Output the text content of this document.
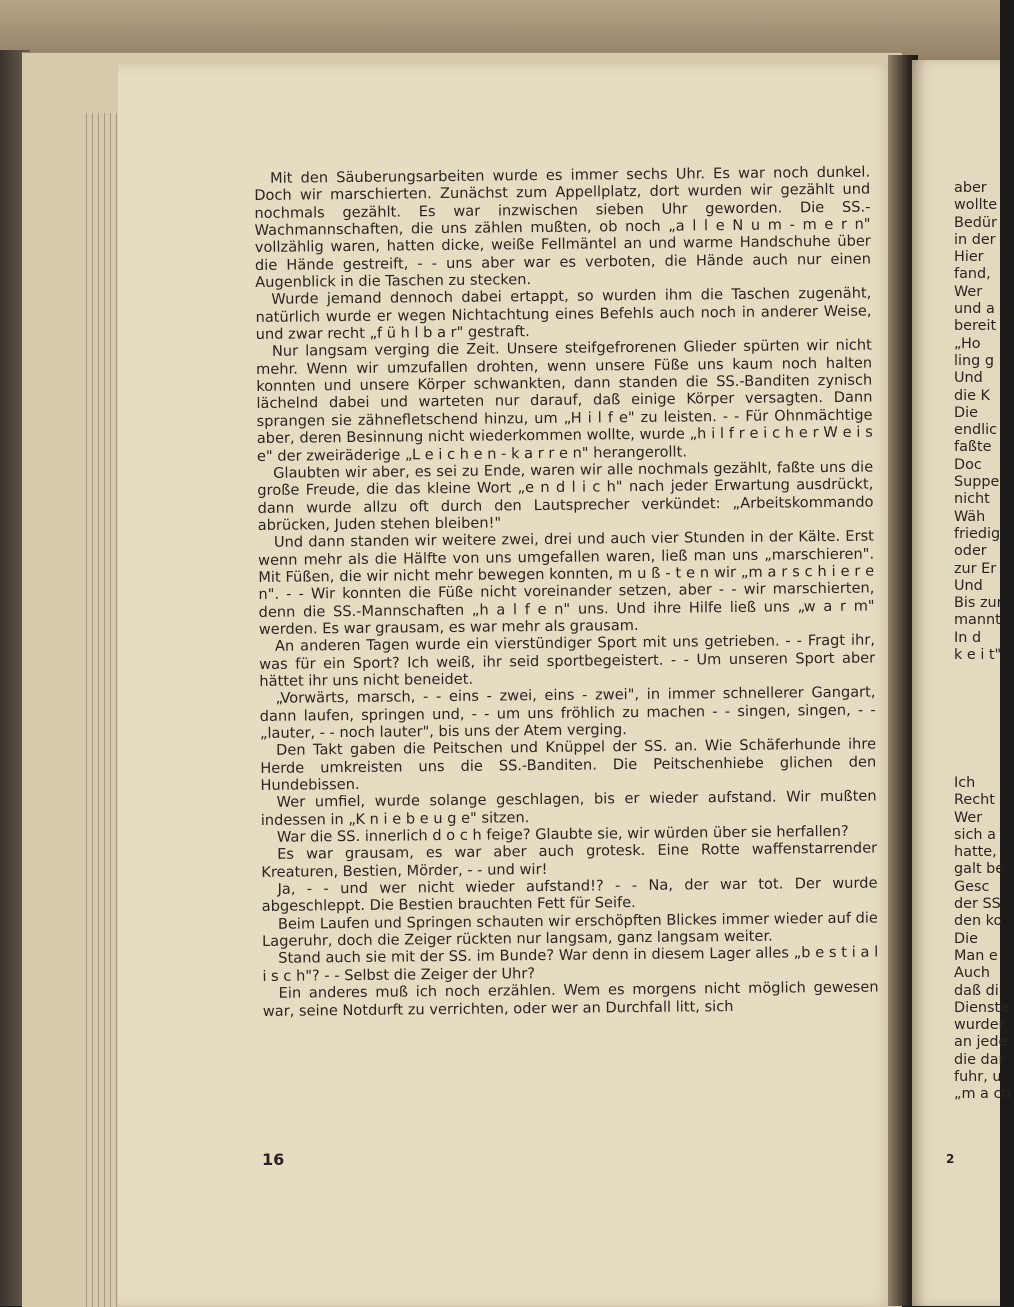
Mit den Säuberungsarbeiten wurde es immer sechs Uhr. Es war noch dunkel. Doch wir marschierten. Zunächst zum Appellplatz, dort wurden wir gezählt und nochmals gezählt. Es war inzwischen sieben Uhr geworden. Die SS.-Wachmannschaften, die uns zählen mußten, ob noch „a l l e N u m - m e r n" vollzählig waren, hatten dicke, weiße Fellmäntel an und warme Handschuhe über die Hände gestreift, - - uns aber war es verboten, die Hände auch nur einen Augenblick in die Taschen zu stecken.

Wurde jemand dennoch dabei ertappt, so wurden ihm die Taschen zugenäht, natürlich wurde er wegen Nichtachtung eines Befehls auch noch in anderer Weise, und zwar recht „f ü h l b a r" gestraft.

Nur langsam verging die Zeit. Unsere steifgefrorenen Glieder spürten wir nicht mehr. Wenn wir umzufallen drohten, wenn unsere Füße uns kaum noch halten konnten und unsere Körper schwankten, dann standen die SS.-Banditen zynisch lächelnd dabei und warteten nur darauf, daß einige Körper versagten. Dann sprangen sie zähnefletschend hinzu, um „H i l f e" zu leisten. - - Für Ohnmächtige aber, deren Besinnung nicht wiederkommen wollte, wurde „h i l f r e i c h e r W e i s e" der zweiräderige „L e i c h e n - k a r r e n" herangerollt.

Glaubten wir aber, es sei zu Ende, waren wir alle nochmals gezählt, faßte uns die große Freude, die das kleine Wort „e n d l i c h" nach jeder Erwartung ausdrückt, dann wurde allzu oft durch den Lautsprecher verkündet: „Arbeitskommando abrücken, Juden stehen bleiben!"

Und dann standen wir weitere zwei, drei und auch vier Stunden in der Kälte. Erst wenn mehr als die Hälfte von uns umgefallen waren, ließ man uns „marschieren". Mit Füßen, die wir nicht mehr bewegen konnten, m u ß - t e n wir „m a r s c h i e r e n". - - Wir konnten die Füße nicht voreinander setzen, aber - - wir marschierten, denn die SS.-Mannschaften „h a l f e n" uns. Und ihre Hilfe ließ uns „w a r m" werden. Es war grausam, es war mehr als grausam.

An anderen Tagen wurde ein vierstündiger Sport mit uns getrieben. - - Fragt ihr, was für ein Sport? Ich weiß, ihr seid sportbegeistert. - - Um unseren Sport aber hättet ihr uns nicht beneidet.

„Vorwärts, marsch, - - eins - zwei, eins - zwei", in immer schnellerer Gangart, dann laufen, springen und, - - um uns fröhlich zu machen - - singen, singen, - - „lauter, - - noch lauter", bis uns der Atem verging.

Den Takt gaben die Peitschen und Knüppel der SS. an. Wie Schäferhunde ihre Herde umkreisten uns die SS.-Banditen. Die Peitschenhiebe glichen den Hundebissen.

Wer umfiel, wurde solange geschlagen, bis er wieder aufstand. Wir mußten indessen in „K n i e b e u g e" sitzen.

War die SS. innerlich d o c h feige? Glaubte sie, wir würden über sie herfallen?

Es war grausam, es war aber auch grotesk. Eine Rotte waffenstarrender Kreaturen, Bestien, Mörder, - - und wir!

Ja, - - und wer nicht wieder aufstand!? - - Na, der war tot. Der wurde abgeschleppt. Die Bestien brauchten Fett für Seife.

Beim Laufen und Springen schauten wir erschöpften Blickes immer wieder auf die Lageruhr, doch die Zeiger rückten nur langsam, ganz langsam weiter.

Stand auch sie mit der SS. im Bunde? War denn in diesem Lager alles „b e s t i a l i s c h"? - - Selbst die Zeiger der Uhr?

Ein anderes muß ich noch erzählen. Wem es morgens nicht möglich gewesen war, seine Notdurft zu verrichten, oder wer an Durchfall litt, sich

16
aber
wollte
Bedür
in der
Hier
fand,
Wer
und a
bereit
„Ho
ling g
Und
die K
Die
endlic
faßte
Doc
Suppe
nicht
Wäh
friedig
oder
zur Er
Und
Bis zur
mannt
In d
k e i t"
Ich
Recht
Wer
sich a
hatte,
galt be
Gesc
der SS.
den ko
Die
Man e
Auch
daß di
Dienste
wurder
an jede
die dar
fuhr, u
„m a ch
2
